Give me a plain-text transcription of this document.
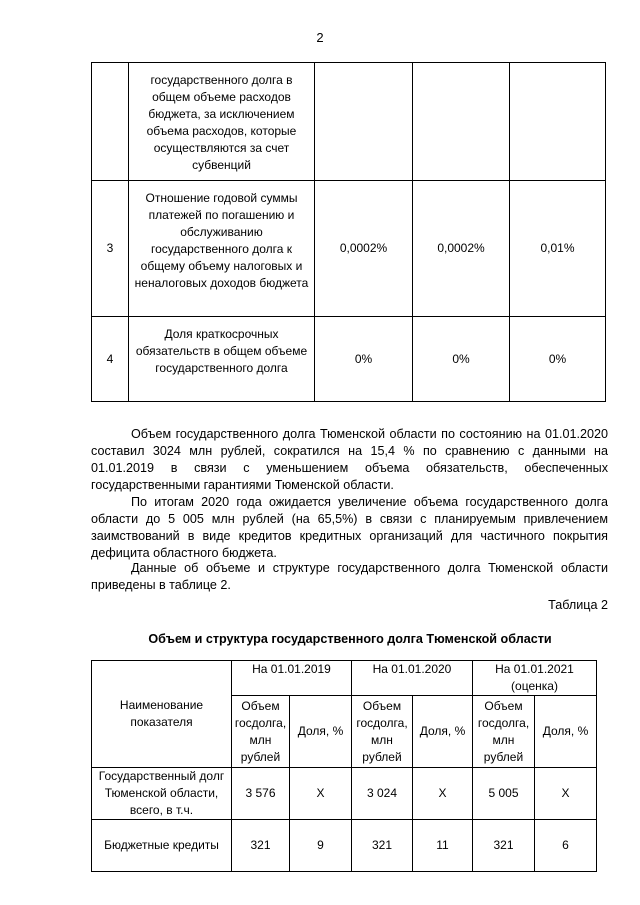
2
	государственного долга в общем объеме расходов бюджета, за исключением объема расходов, которые осуществляются за счет субвенций			
3	Отношение годовой суммы платежей по погашению и обслуживанию государственного долга к общему объему налоговых и неналоговых доходов бюджета	0,0002%	0,0002%	0,01%
4	Доля краткосрочных обязательств в общем объеме государственного долга	0%	0%	0%

Объем государственного долга Тюменской области по состоянию на 01.01.2020 составил 3024 млн рублей, сократился на 15,4 % по сравнению с данными на 01.01.2019 в связи с уменьшением объема обязательств, обеспеченных государственными гарантиями Тюменской области.

По итогам 2020 года ожидается увеличение объема государственного долга области до 5 005 млн рублей (на 65,5%) в связи с планируемым привлечением заимствований в виде кредитов кредитных организаций для частичного покрытия дефицита областного бюджета.

Данные об объеме и структуре государственного долга Тюменской области приведены в таблице 2.

Таблица 2
Объем и структура государственного долга Тюменской области
Наименование показателя	На 01.01.2019		На 01.01.2020		На 01.01.2021 (оценка)	
	Объем госдолга, млн рублей	Доля, %	Объем госдолга, млн рублей	Доля, %	Объем госдолга, млн рублей	Доля, %
Государственный долг Тюменской области, всего, в т.ч.	3 576	Х	3 024	Х	5 005	Х
Бюджетные кредиты	321	9	321	11	321	6
